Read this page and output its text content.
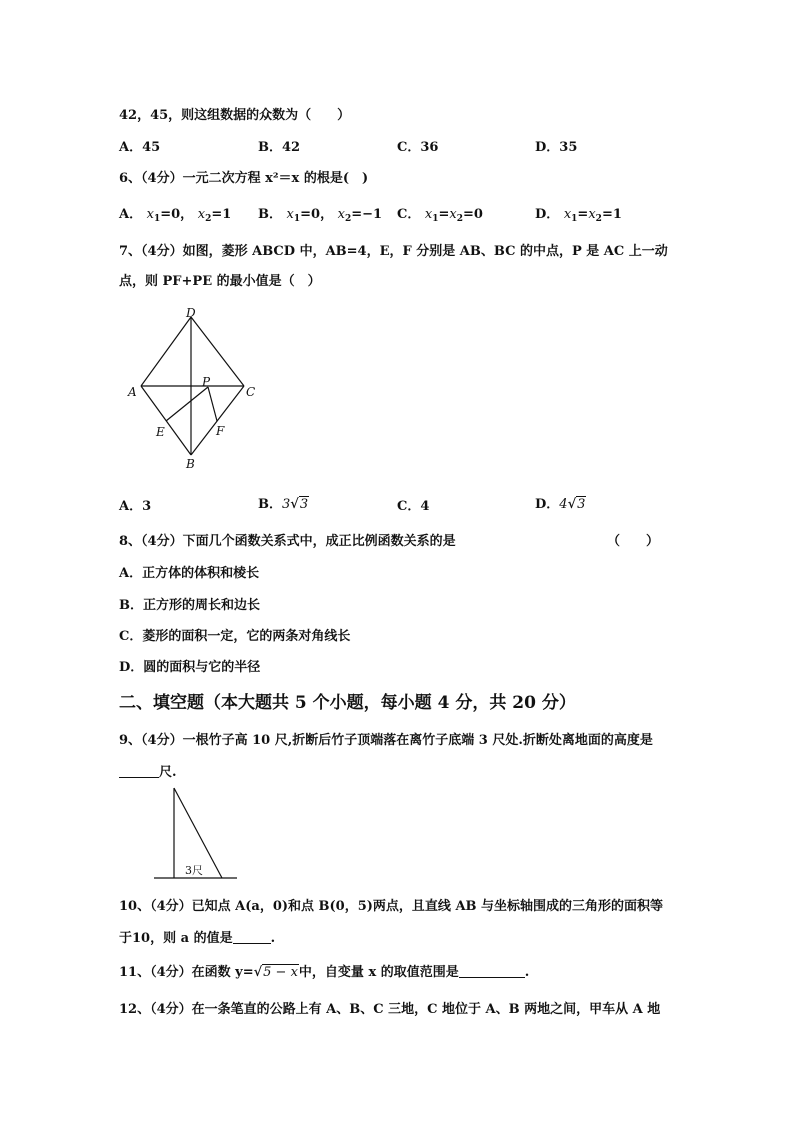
42，45，则这组数据的众数为（　　）
A．45	B．42	C．36	D．35
6、（4分）一元二次方程 x²＝x 的根是(　)
A． $x_1=0$， $x_2=1$ B． $x_1=0$， $x_2=-1$ C． $x_1=x_2=0$	D． $x_1=x_2=1$
7、（4分）如图，菱形 ABCD 中，AB=4，E，F 分别是 AB、BC 的中点，P 是 AC 上一动
点，则 PF+PE 的最小值是（　）
D
A	C
P
E	F
B
A．3	B．3√3	C．4	D．4√3
8、（4分）下面几个函数关系式中，成正比例函数关系的是	（　　）
A．正方体的体积和棱长
B．正方形的周长和边长
C．菱形的面积一定，它的两条对角线长
D．圆的面积与它的半径
二、填空题（本大题共 5 个小题，每小题 4 分，共 20 分）
9、（4分）一根竹子高 10 尺,折断后竹子顶端落在离竹子底端 3 尺处.折断处离地面的高度是
尺.
3尺
10、（4分）已知点 A(a，0)和点 B(0，5)两点，且直线 AB 与坐标轴围成的三角形的面积等
于10，则 a 的值是	.
11、（4分）在函数 y=√5 − x中，自变量 x 的取值范围是	.
12、（4分）在一条笔直的公路上有 A、B、C 三地，C 地位于 A、B 两地之间，甲车从 A 地
